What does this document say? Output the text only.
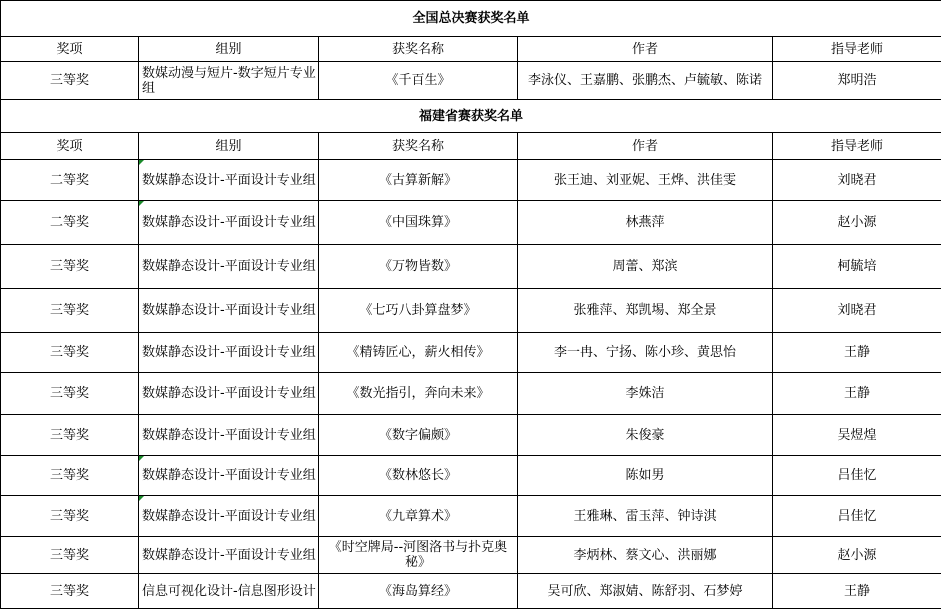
全国总决赛获奖名单				
奖项	组别	获奖名称	作者	指导老师
三等奖	数媒动漫与短片-数字短片专业组	《千百生》	李泳仪、王嘉鹏、张鹏杰、卢毓敏、陈诺	郑明浩
福建省赛获奖名单				
奖项	组别	获奖名称	作者	指导老师
二等奖	数媒静态设计-平面设计专业组	《古算新解》	张王迪、刘亚妮、王烨、洪佳雯	刘晓君
二等奖	数媒静态设计-平面设计专业组	《中国珠算》	林燕萍	赵小源
三等奖	数媒静态设计-平面设计专业组	《万物皆数》	周蕾、郑滨	柯毓培
三等奖	数媒静态设计-平面设计专业组	《七巧八卦算盘梦》	张雅萍、郑凯埸、郑全景	刘晓君
三等奖	数媒静态设计-平面设计专业组	《精铸匠心，薪火相传》	李一冉、宁扬、陈小珍、黄思怡	王静
三等奖	数媒静态设计-平面设计专业组	《数光指引，奔向未来》	李姝洁	王静
三等奖	数媒静态设计-平面设计专业组	《数字偏颇》	朱俊豪	吴煜煌
三等奖	数媒静态设计-平面设计专业组	《数林悠长》	陈如男	吕佳忆
三等奖	数媒静态设计-平面设计专业组	《九章算术》	王雅琳、雷玉萍、钟诗淇	吕佳忆
三等奖	数媒静态设计-平面设计专业组	《时空牌局--河图洛书与扑克奥秘》	李炳林、蔡文心、洪丽娜	赵小源
三等奖	信息可视化设计-信息图形设计	《海岛算经》	吴可欣、郑淑婧、陈舒羽、石梦婷	王静
